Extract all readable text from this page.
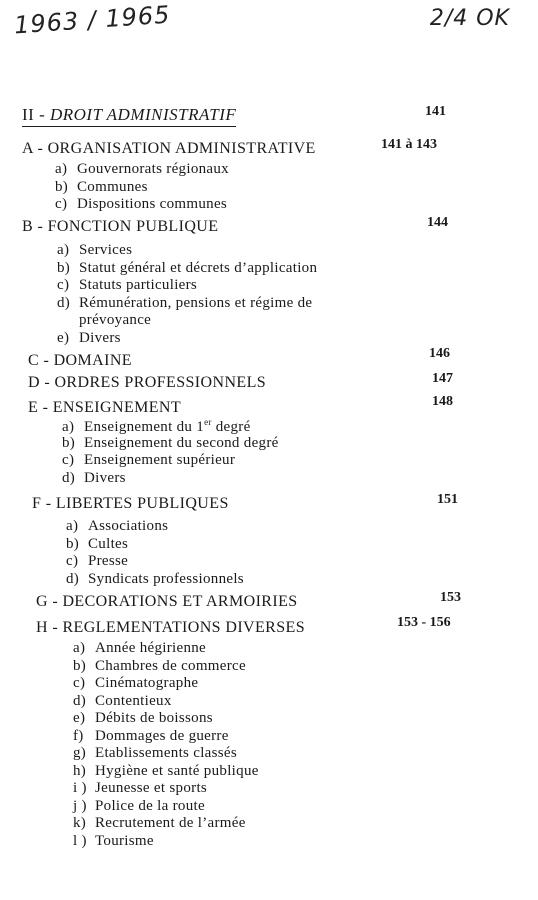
1963 / 1965	2/4 OK
II - DROIT ADMINISTRATIF	141
A - ORGANISATION ADMINISTRATIVE	141 à 143
a) Gouvernorats régionaux
b) Communes
c) Dispositions communes
B - FONCTION PUBLIQUE	144
a) Services
b) Statut général et décrets d’application
c) Statuts particuliers
d) Rémunération, pensions et régime de
prévoyance
e) Divers
C - DOMAINE	146
D - ORDRES PROFESSIONNELS	147
E - ENSEIGNEMENT	148
a) Enseignement du 1er degré
b) Enseignement du second degré
c) Enseignement supérieur
d) Divers
F - LIBERTES PUBLIQUES	151
a) Associations
b) Cultes
c) Presse
d) Syndicats professionnels
G - DECORATIONS ET ARMOIRIES	153
H - REGLEMENTATIONS DIVERSES	153 - 156
a) Année hégirienne
b) Chambres de commerce
c) Cinématographe
d) Contentieux
e) Débits de boissons
f) Dommages de guerre
g) Etablissements classés
h) Hygiène et santé publique
i ) Jeunesse et sports
j ) Police de la route
k) Recrutement de l’armée
l ) Tourisme
